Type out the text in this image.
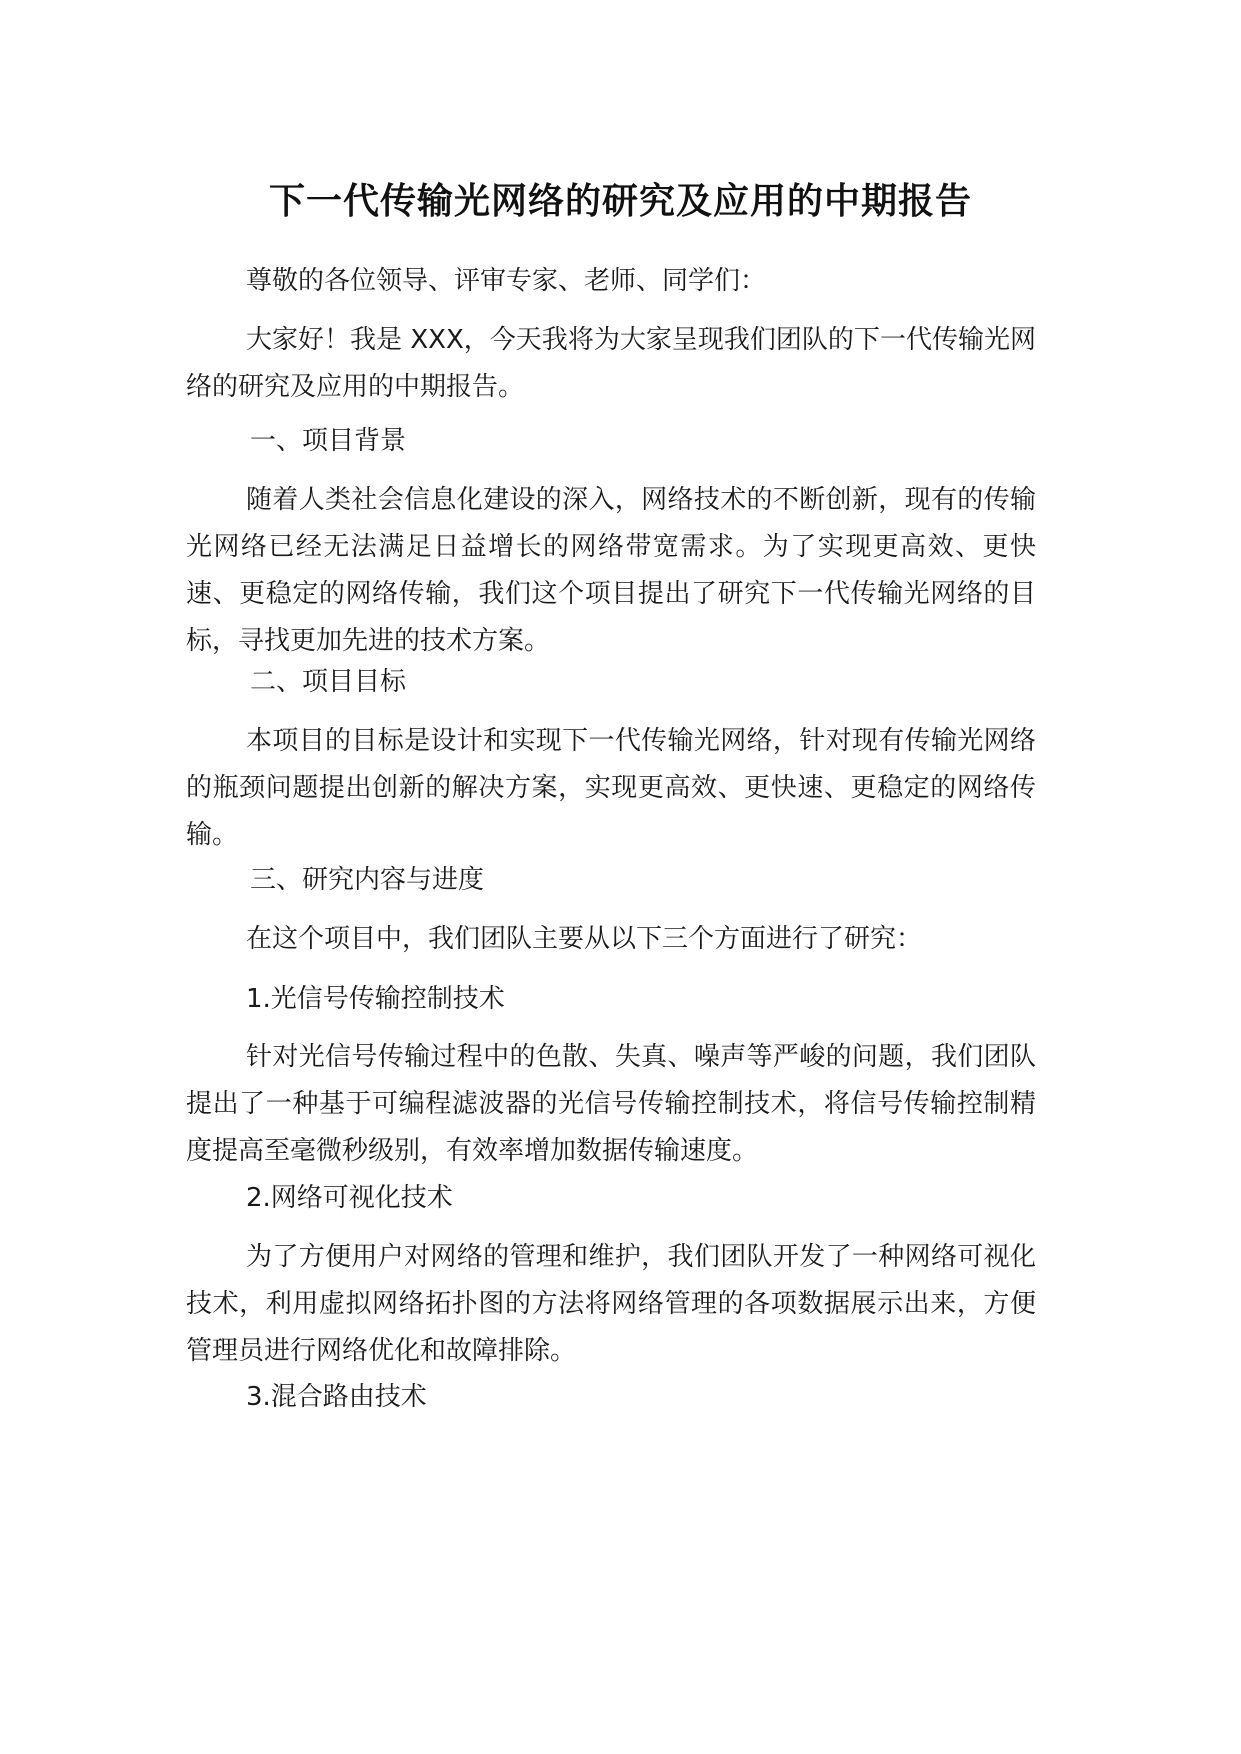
下一代传输光网络的研究及应用的中期报告

尊敬的各位领导、评审专家、老师、同学们：

大家好！我是 XXX，今天我将为大家呈现我们团队的下一代传输光网络的研究及应用的中期报告。

一、项目背景

随着人类社会信息化建设的深入，网络技术的不断创新，现有的传输光网络已经无法满足日益增长的网络带宽需求。为了实现更高效、更快速、更稳定的网络传输，我们这个项目提出了研究下一代传输光网络的目标，寻找更加先进的技术方案。

二、项目目标

本项目的目标是设计和实现下一代传输光网络，针对现有传输光网络的瓶颈问题提出创新的解决方案，实现更高效、更快速、更稳定的网络传输。

三、研究内容与进度

在这个项目中，我们团队主要从以下三个方面进行了研究：

1.光信号传输控制技术

针对光信号传输过程中的色散、失真、噪声等严峻的问题，我们团队提出了一种基于可编程滤波器的光信号传输控制技术，将信号传输控制精度提高至毫微秒级别，有效率增加数据传输速度。

2.网络可视化技术

为了方便用户对网络的管理和维护，我们团队开发了一种网络可视化技术，利用虚拟网络拓扑图的方法将网络管理的各项数据展示出来，方便管理员进行网络优化和故障排除。

3.混合路由技术
